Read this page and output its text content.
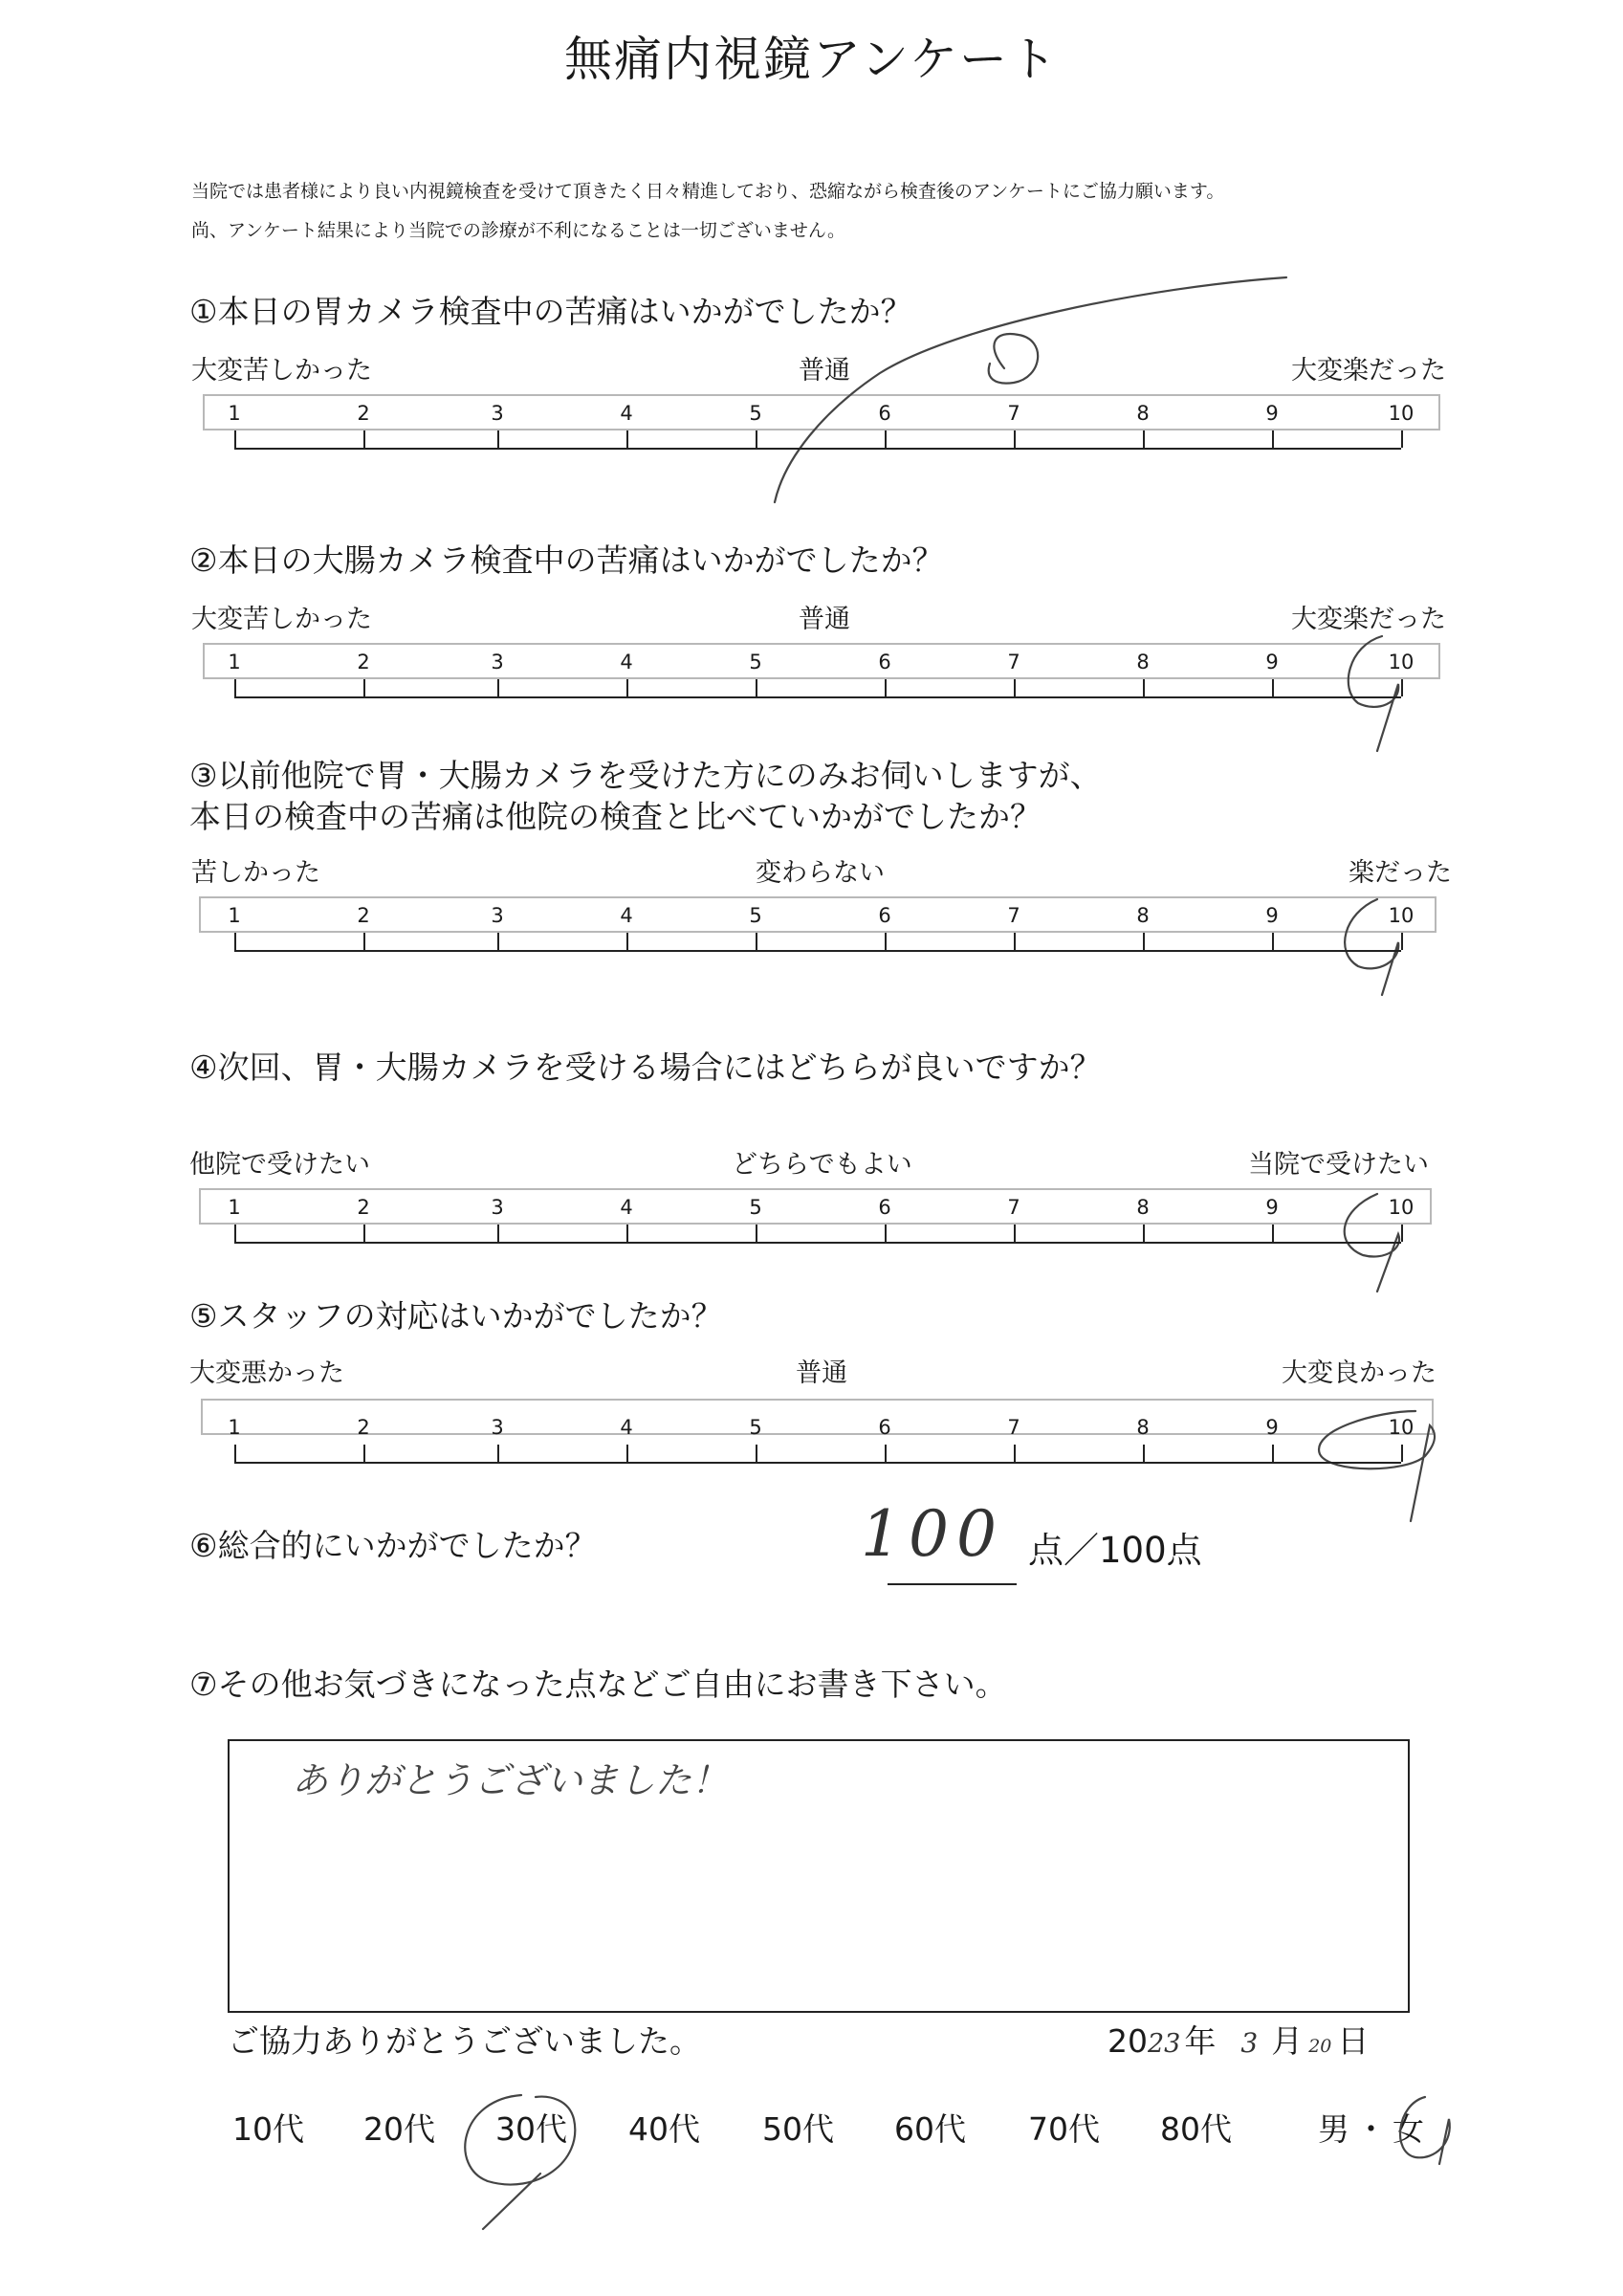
無痛内視鏡アンケート
当院では患者様により良い内視鏡検査を受けて頂きたく日々精進しており、恐縮ながら検査後のアンケートにご協力願います。
尚、アンケート結果により当院での診療が不利になることは一切ございません。
①本日の胃カメラ検査中の苦痛はいかがでしたか？
大変苦しかった	普通	大変楽だった
②本日の大腸カメラ検査中の苦痛はいかがでしたか？
大変苦しかった	普通	大変楽だった
③以前他院で胃・大腸カメラを受けた方にのみお伺いしますが、
本日の検査中の苦痛は他院の検査と比べていかがでしたか？
苦しかった	変わらない	楽だった
④次回、胃・大腸カメラを受ける場合にはどちらが良いですか？
他院で受けたい	どちらでもよい	当院で受けたい
⑤スタッフの対応はいかがでしたか？
大変悪かった	普通	大変良かった
⑥総合的にいかがでしたか？	100 点／100点
⑦その他お気づきになった点などご自由にお書き下さい。
ありがとうございました！
ご協力ありがとうございました。	2023 年 3 月 20 日
10代 20代 30代 40代 50代 60代 70代 80代	男 ・ 女
1	2	3	4	5	6	7	8	9	10
1	2	3	4	5	6	7	8	9	10
1	2	3	4	5	6	7	8	9	10
1	2	3	4	5	6	7	8	9	10
1	2	3	4	5	6	7	8	9	10
